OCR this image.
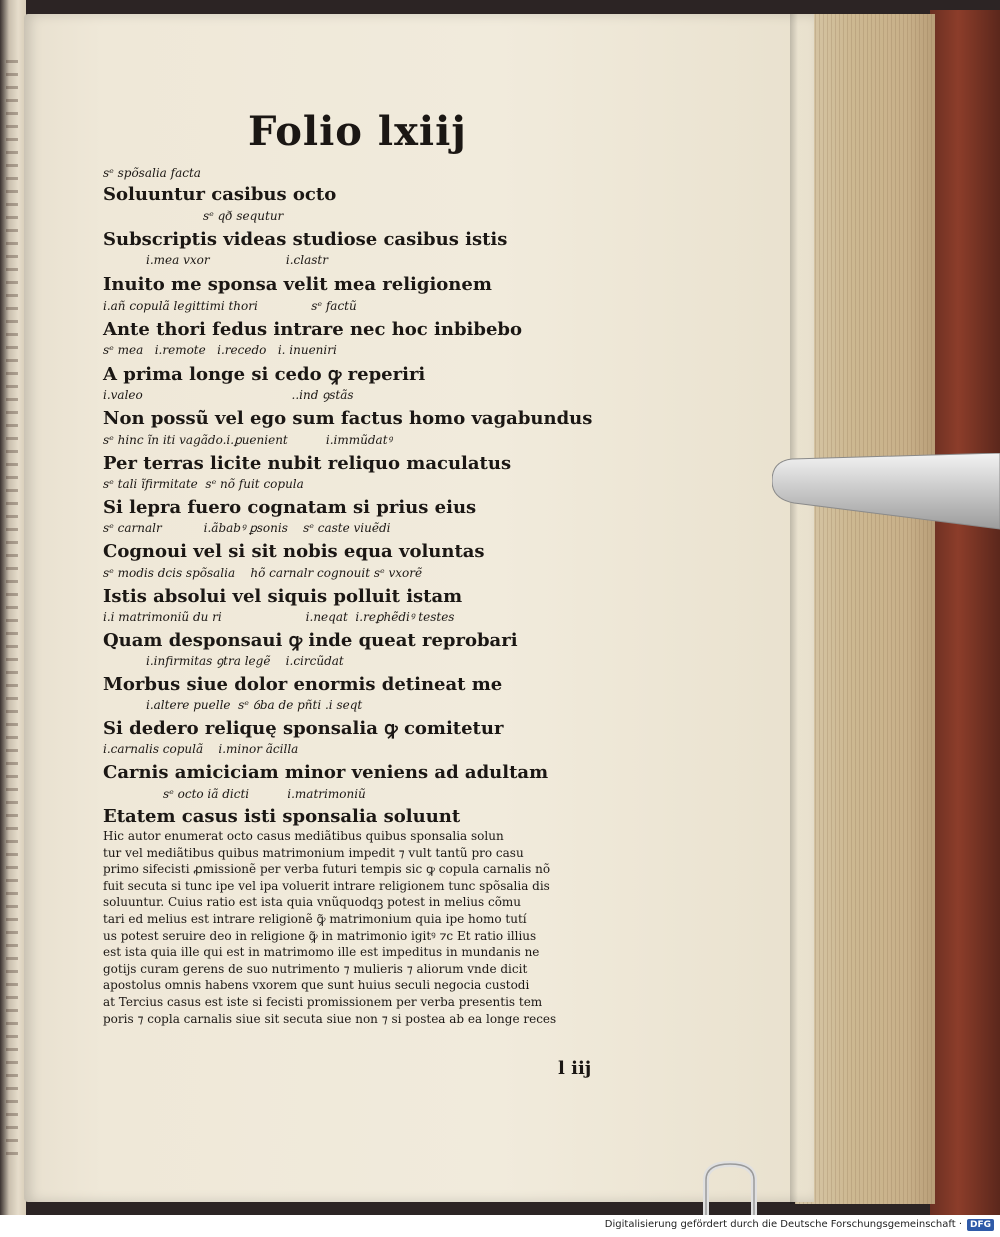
Folio lxiij
sᵉ spõsalia facta
Soluuntur casibus octo
sᵉ qð sequtur
Subscriptis videas studiose casibus istis
i.mea vxor                    i.clastr
Inuito me sponsa velit mea religionem
i.añ copulã legittimi thori              sᵉ factũ
Ante thori fedus intrare nec hoc inbibebo
sᵉ mea   i.remote   i.recedo   i. inueniri
A prima longe si cedo ꝙ reperiri
i.valeo                                       ..ind ꝯstãs
Non possũ vel ego sum factus homo vagabundus
sᵉ hinc ĩn iti vagãdo.i.ꝑuenient          i.immũdatꝰ
Per terras licite nubit reliquo maculatus
sᵉ tali ĩfirmitate  sᵉ nõ fuit copula
Si lepra fuero cognatam si prius eius
sᵉ carnalr           i.ãbabꝰ ꝑsonis    sᵉ caste viuẽdi
Cognoui vel si sit nobis equa voluntas
sᵉ modis dcis spõsalia    hõ carnalr cognouit sᵉ vxorẽ
Istis absolui vel siquis polluit istam
i.i matrimoniũ du ri                      i.neqat  i.reꝑhẽdiꝰ testes
Quam desponsaui ꝙ inde queat reprobari
i.infirmitas ꝯtra legẽ    i.circũdat
Morbus siue dolor enormis detineat me
i.altere puelle  sᵉ ỽba de pñti .i seqt
Si dedero reliquę sponsalia ꝙ comitetur
i.carnalis copulã    i.minor ãcilla
Carnis amiciciam minor veniens ad adultam
sᵉ octo iã dicti          i.matrimoniũ
Etatem casus isti sponsalia soluunt

Hic autor enumerat octo casus mediãtibus quibus sponsalia solun

tur vel mediãtibus quibus matrimonium impedit ⁊ vult tantũ pro casu

primo sifecisti ꝓmissionẽ per verba futuri tempis sic ꝙ copula carnalis nõ

fuit secuta si tunc ipe vel ipa voluerit intrare religionem tunc spõsalia dis

soluuntur. Cuius ratio est ista quia vnũquodqꝫ potest in melius cõmu

tari ed melius est intrare religionẽ ꝙ̃ matrimonium quia ipe homo tutí

us potest seruire deo in religione ꝙ̃ in matrimonio igitꝰ ⁊c Et ratio illius

est ista quia ille qui est in matrimomo ille est impeditus in mundanis ne

gotijs curam gerens de suo nutrimento ⁊ mulieris ⁊ aliorum vnde dicit

apostolus omnis habens vxorem que sunt huius seculi negocia custodi

at Tercius casus est iste si fecisti promissionem per verba presentis tem

poris ⁊ copla carnalis siue sit secuta siue non ⁊ si postea ab ea longe reces

l iij
Digitalisierung gefördert durch die Deutsche Forschungsgemeinschaft · DFG
